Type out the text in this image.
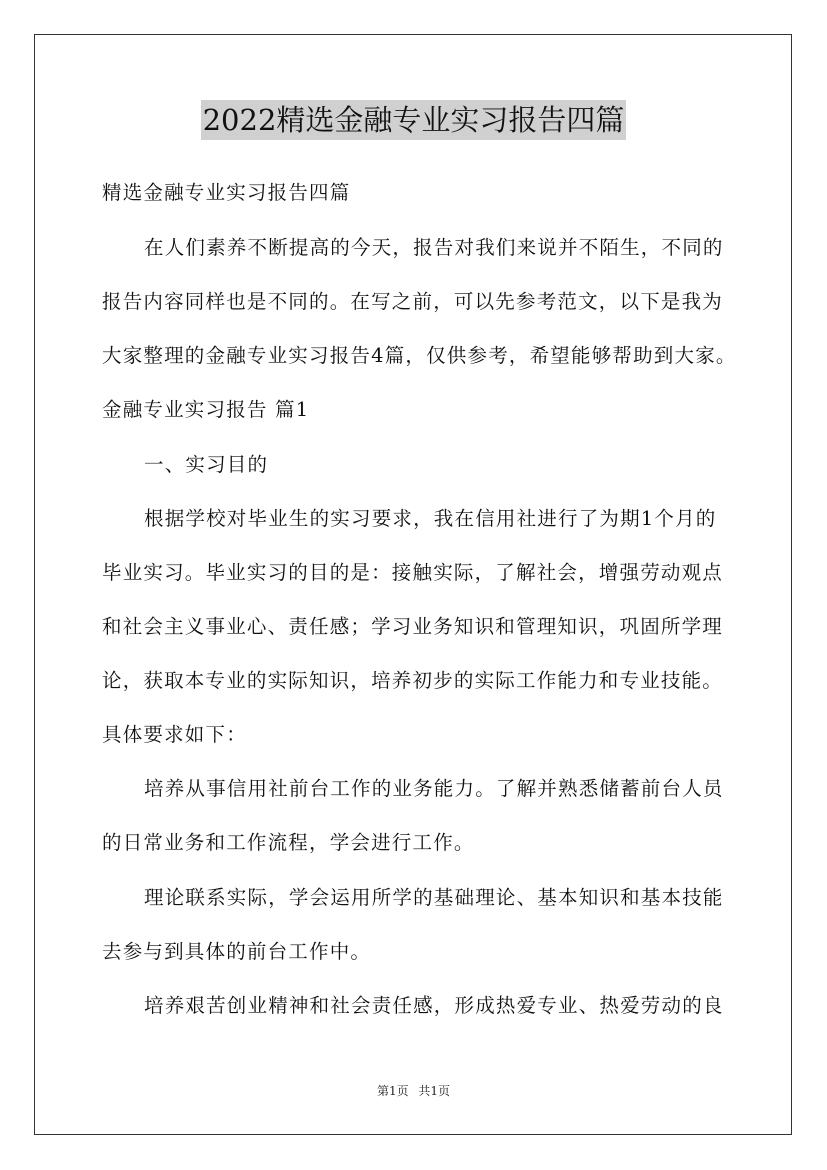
2022精选金融专业实习报告四篇
精选金融专业实习报告四篇
在人们素养不断提高的今天，报告对我们来说并不陌生，不同的
报告内容同样也是不同的。在写之前，可以先参考范文，以下是我为
大家整理的金融专业实习报告4篇，仅供参考，希望能够帮助到大家。
金融专业实习报告 篇1
一、实习目的
根据学校对毕业生的实习要求，我在信用社进行了为期1个月的
毕业实习。毕业实习的目的是：接触实际，了解社会，增强劳动观点
和社会主义事业心、责任感；学习业务知识和管理知识，巩固所学理
论，获取本专业的实际知识，培养初步的实际工作能力和专业技能。
具体要求如下：
培养从事信用社前台工作的业务能力。了解并熟悉储蓄前台人员
的日常业务和工作流程，学会进行工作。
理论联系实际，学会运用所学的基础理论、基本知识和基本技能
去参与到具体的前台工作中。
培养艰苦创业精神和社会责任感，形成热爱专业、热爱劳动的良
第1页 共1页
